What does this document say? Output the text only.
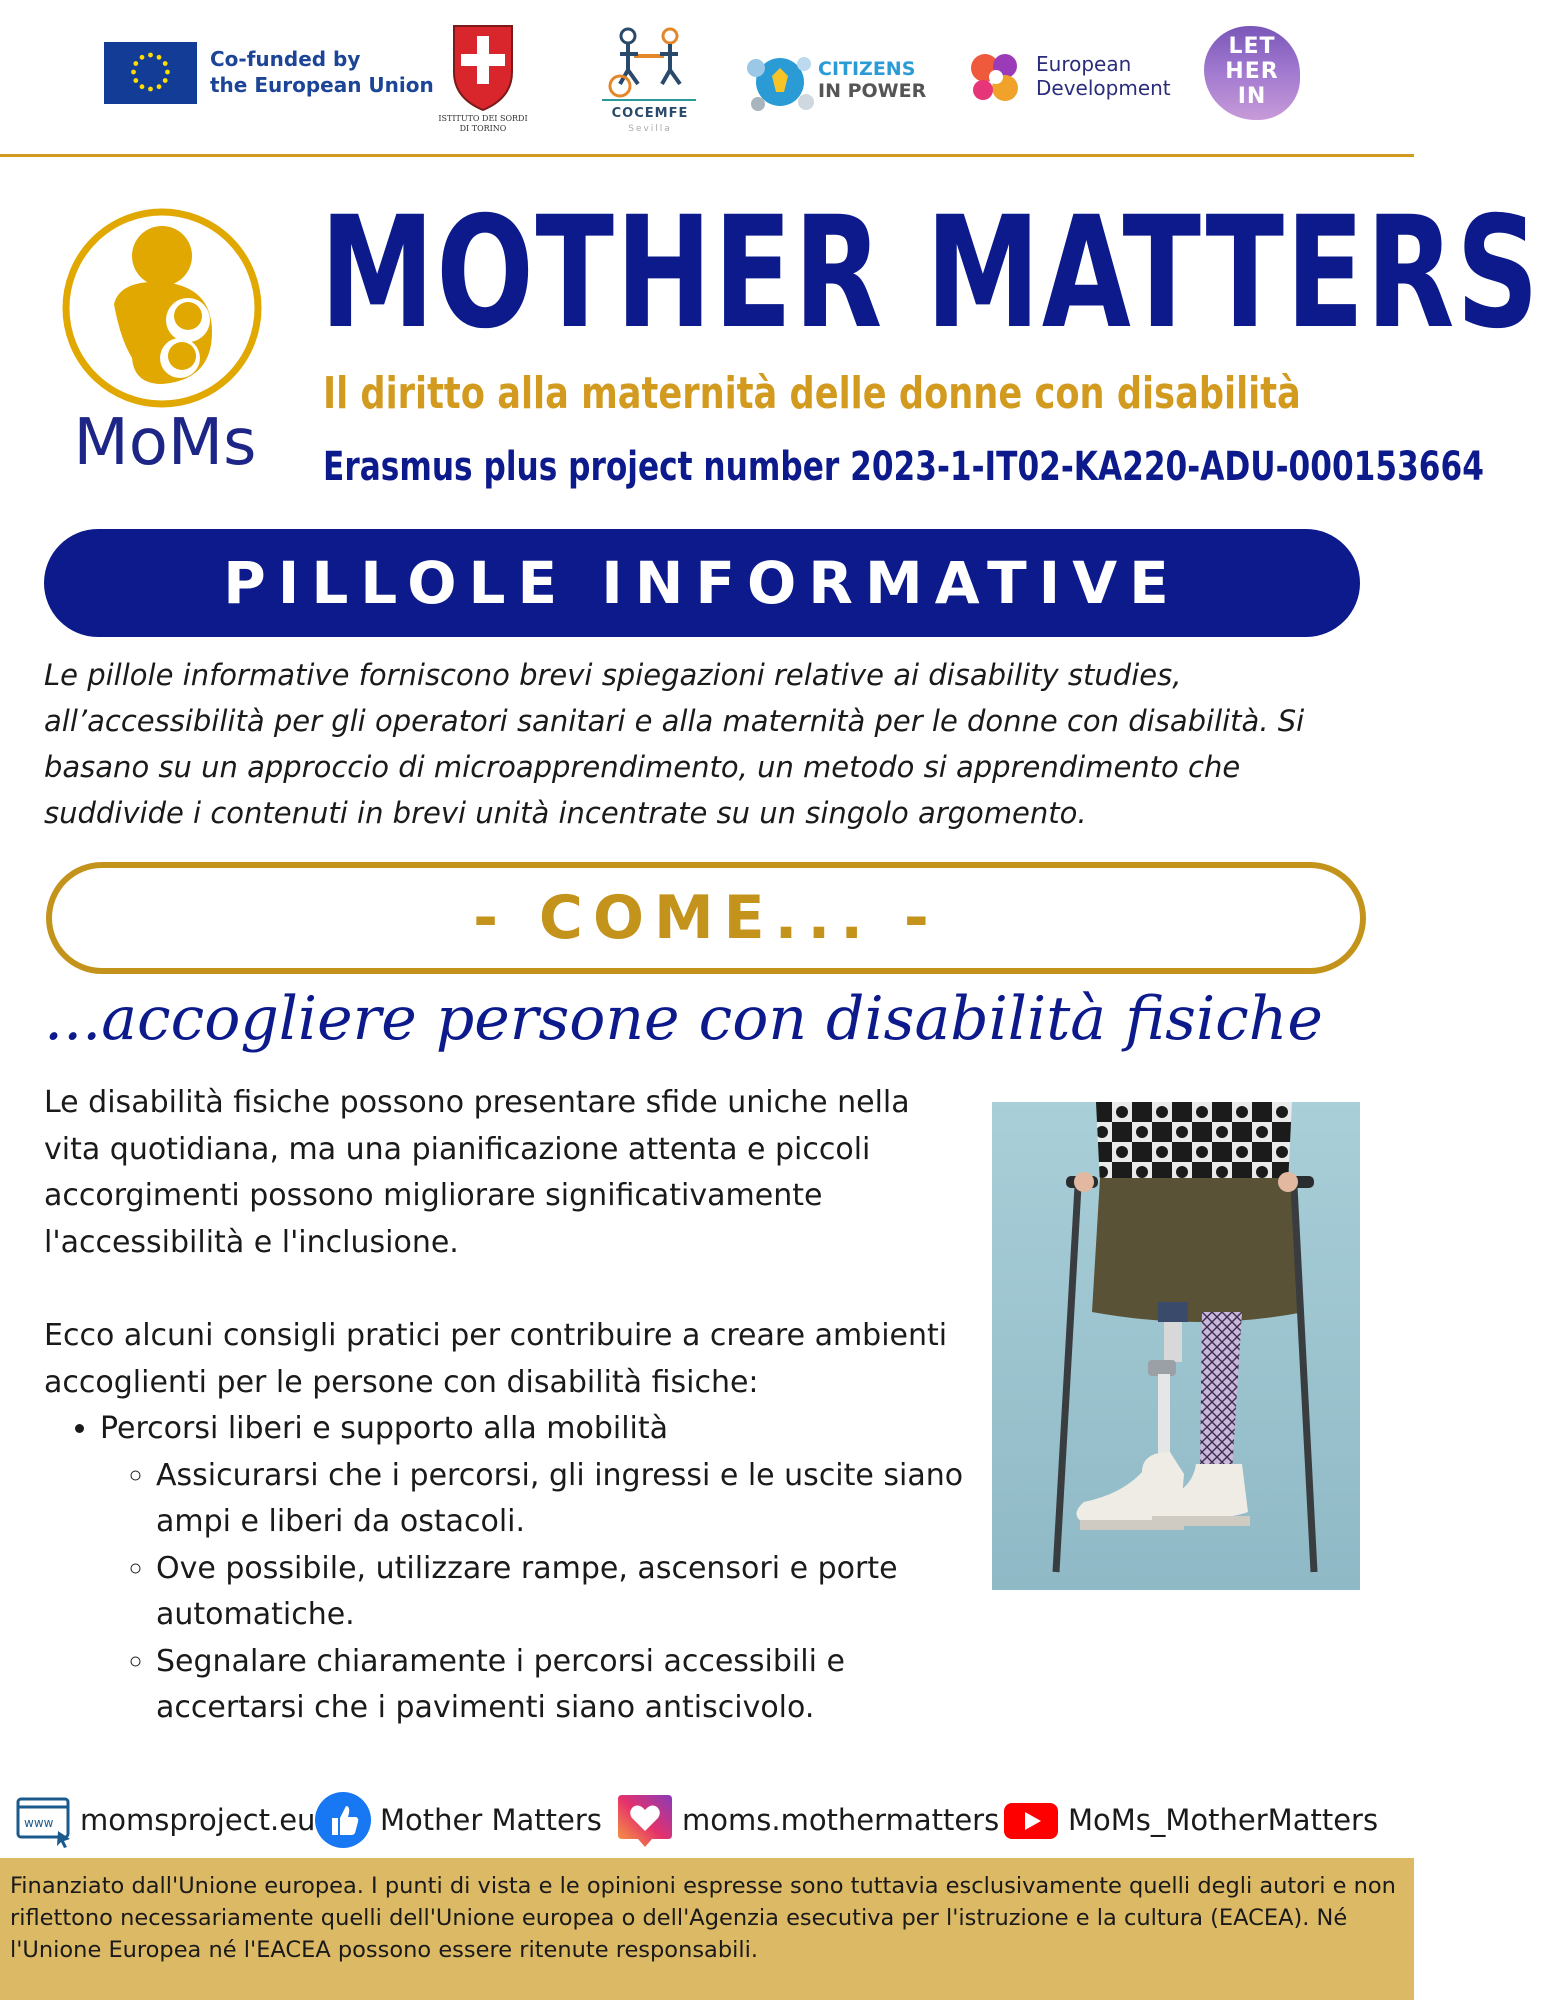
Co-funded by
the European Union
ISTITUTO DEI SORDI
DI TORINO
COCEMFE
Sevilla
CITIZENS
IN POWER
European
Development
LET
HER
IN
MoMs
MOTHER MATTERS
Il diritto alla maternità delle donne con disabilità
Erasmus plus project number 2023-1-IT02-KA220-ADU-000153664
PILLOLE INFORMATIVE
Le pillole informative forniscono brevi spiegazioni relative ai disability studies, all’accessibilità per gli operatori sanitari e alla maternità per le donne con disabilità. Si basano su un approccio di microapprendimento, un metodo si apprendimento che suddivide i contenuti in brevi unità incentrate su un singolo argomento.
- COME... -
...accogliere persone con disabilità fisiche

Le disabilità fisiche possono presentare sfide uniche nella vita quotidiana, ma una pianificazione attenta e piccoli accorgimenti possono migliorare significativamente l'accessibilità e l'inclusione.

Ecco alcuni consigli pratici per contribuire a creare ambienti accoglienti per le persone con disabilità fisiche:

• Percorsi liberi e supporto alla mobilità
◦ Assicurarsi che i percorsi, gli ingressi e le uscite siano ampi e liberi da ostacoli.
◦ Ove possibile, utilizzare rampe, ascensori e porte automatiche.
◦ Segnalare chiaramente i percorsi accessibili e accertarsi che i pavimenti siano antiscivolo.
www momsproject.eu Mother Matters	moms.mothermatters MoMs_MotherMatters
Finanziato dall'Unione europea. I punti di vista e le opinioni espresse sono tuttavia esclusivamente quelli degli autori e non riflettono necessariamente quelli dell'Unione europea o dell'Agenzia esecutiva per l'istruzione e la cultura (EACEA). Né l'Unione Europea né l'EACEA possono essere ritenute responsabili.
